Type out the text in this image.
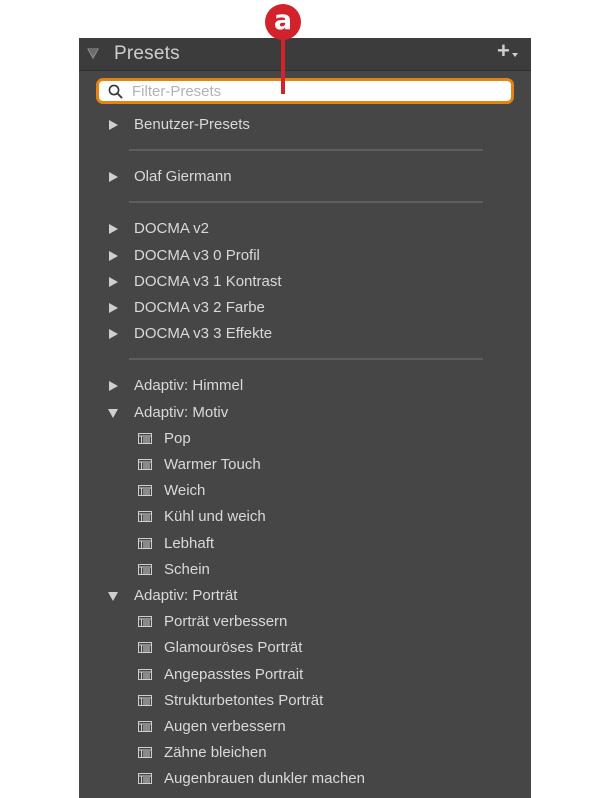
Presets	+
Filter-Presets
Benutzer-Presets
Olaf Giermann
DOCMA v2
DOCMA v3 0 Profil
DOCMA v3 1 Kontrast
DOCMA v3 2 Farbe
DOCMA v3 3 Effekte
Adaptiv: Himmel
Adaptiv: Motiv
Pop
Warmer Touch
Weich
Kühl und weich
Lebhaft
Schein
Adaptiv: Porträt
Porträt verbessern
Glamouröses Porträt
Angepasstes Portrait
Strukturbetontes Porträt
Augen verbessern
Zähne bleichen
Augenbrauen dunkler machen
a
